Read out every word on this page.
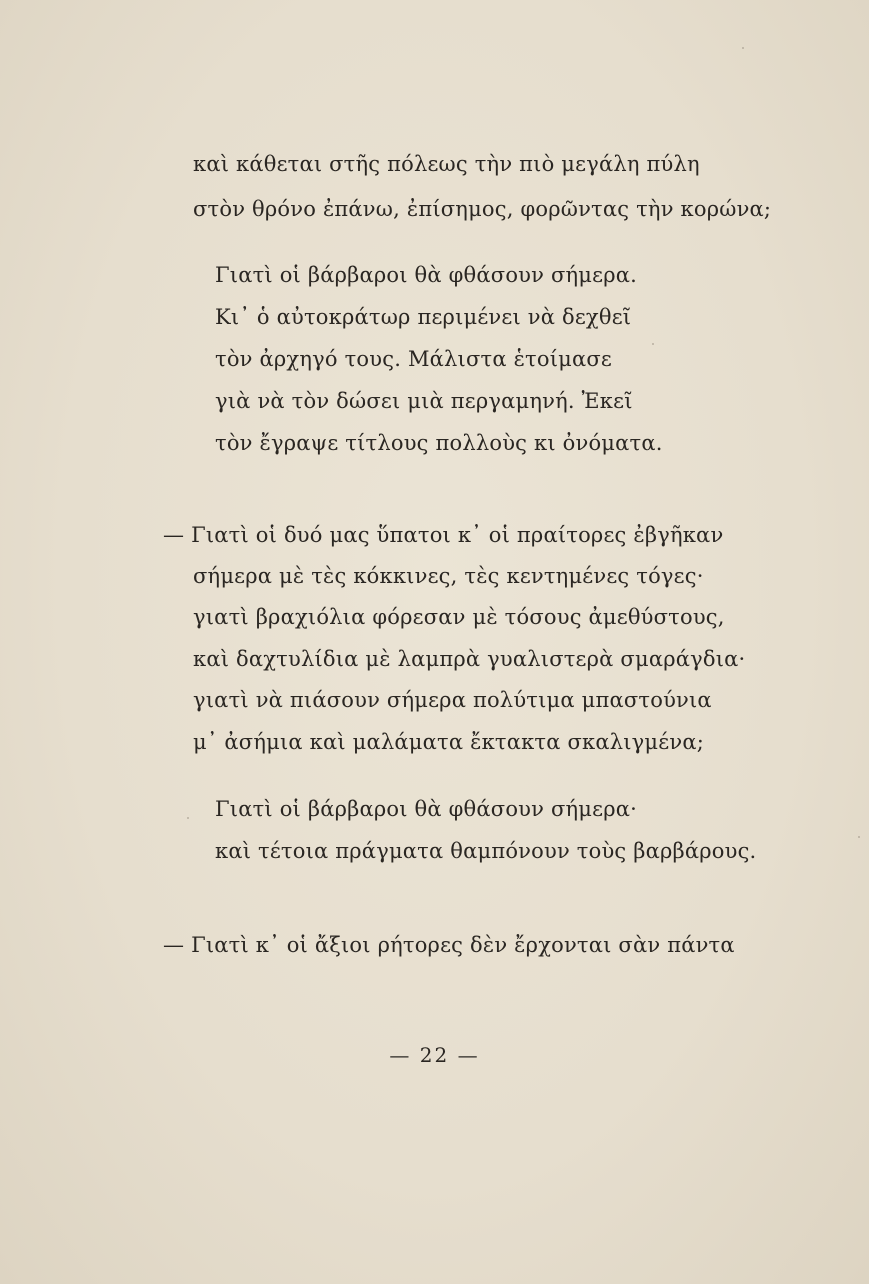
καὶ κάθεται στῆς πόλεως τὴν πιὸ μεγάλη πύλη
στὸν θρόνο ἐπάνω, ἐπίσημος, φορῶντας τὴν κορώνα;
Γιατὶ οἱ βάρβαροι θὰ φθάσουν σήμερα.
Κι᾽ ὁ αὐτοκράτωρ περιμένει νὰ δεχθεῖ
τὸν ἀρχηγό τους. Μάλιστα ἑτοίμασε
γιὰ νὰ τὸν δώσει μιὰ περγαμηνή. Ἐκεῖ
τὸν ἔγραψε τίτλους πολλοὺς κι ὀνόματα.
— Γιατὶ οἱ δυό μας ὕπατοι κ᾽ οἱ πραίτορες ἐβγῆκαν
σήμερα μὲ τὲς κόκκινες, τὲς κεντημένες τόγες·
γιατὶ βραχιόλια φόρεσαν μὲ τόσους ἀμεθύστους,
καὶ δαχτυλίδια μὲ λαμπρὰ γυαλιστερὰ σμαράγδια·
γιατὶ νὰ πιάσουν σήμερα πολύτιμα μπαστούνια
μ᾽ ἀσήμια καὶ μαλάματα ἔκτακτα σκαλιγμένα;
Γιατὶ οἱ βάρβαροι θὰ φθάσουν σήμερα·
καὶ τέτοια πράγματα θαμπόνουν τοὺς βαρβάρους.
— Γιατὶ κ᾽ οἱ ἄξιοι ρήτορες δὲν ἔρχονται σὰν πάντα
— 22 —
